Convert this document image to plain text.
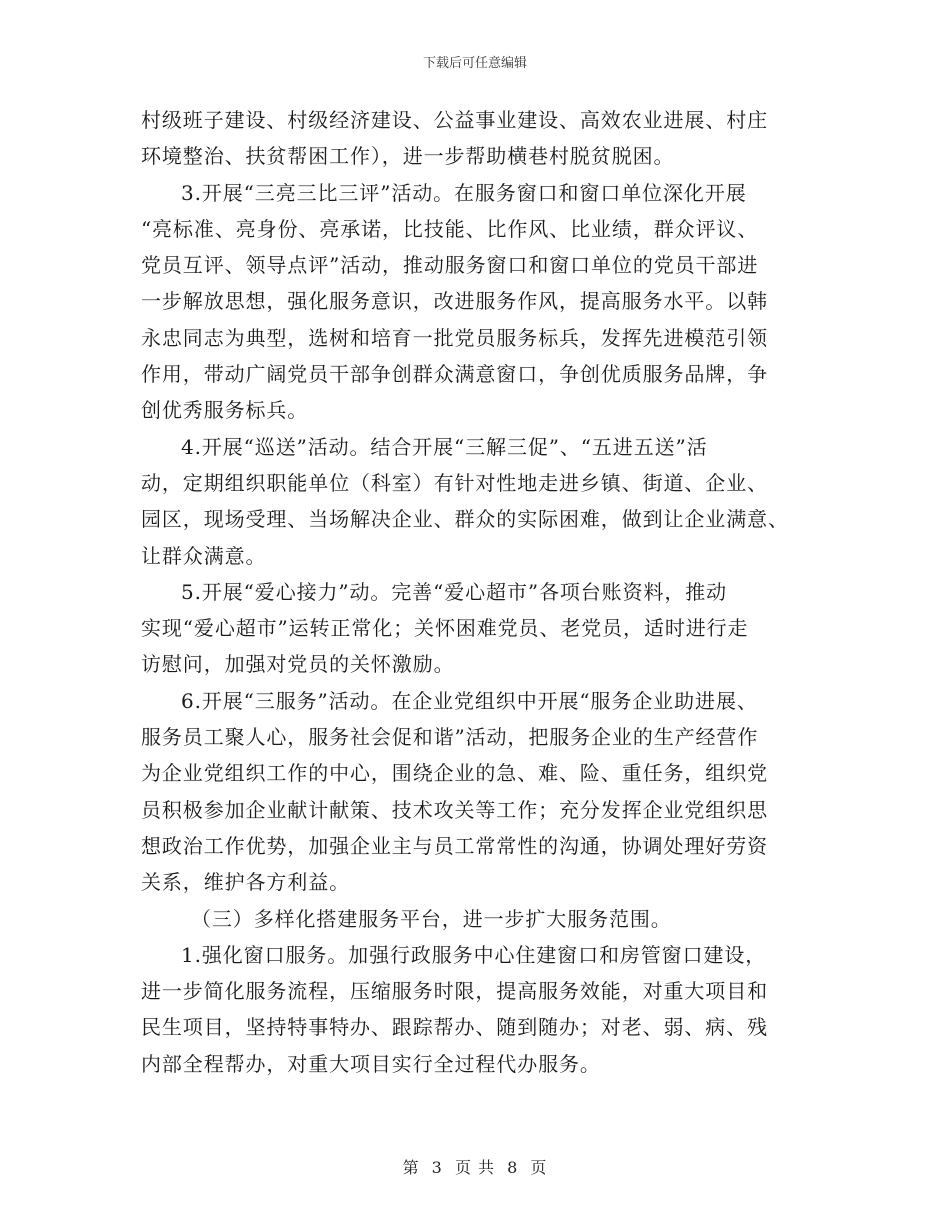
下载后可任意编辑
村级班子建设、村级经济建设、公益事业建设、高效农业进展、村庄
环境整治、扶贫帮困工作），进一步帮助横巷村脱贫脱困。
3.开展“三亮三比三评”活动。在服务窗口和窗口单位深化开展
“亮标准、亮身份、亮承诺，比技能、比作风、比业绩，群众评议、
党员互评、领导点评”活动，推动服务窗口和窗口单位的党员干部进
一步解放思想，强化服务意识，改进服务作风，提高服务水平。以韩
永忠同志为典型，选树和培育一批党员服务标兵，发挥先进模范引领
作用，带动广阔党员干部争创群众满意窗口，争创优质服务品牌，争
创优秀服务标兵。
4.开展“巡送”活动。结合开展“三解三促”、“五进五送”活
动，定期组织职能单位（科室）有针对性地走进乡镇、街道、企业、
园区，现场受理、当场解决企业、群众的实际困难，做到让企业满意、
让群众满意。
5.开展“爱心接力”动。完善“爱心超市”各项台账资料，推动
实现“爱心超市”运转正常化；关怀困难党员、老党员，适时进行走
访慰问，加强对党员的关怀激励。
6.开展“三服务”活动。在企业党组织中开展“服务企业助进展、
服务员工聚人心，服务社会促和谐”活动，把服务企业的生产经营作
为企业党组织工作的中心，围绕企业的急、难、险、重任务，组织党
员积极参加企业献计献策、技术攻关等工作；充分发挥企业党组织思
想政治工作优势，加强企业主与员工常常性的沟通，协调处理好劳资
关系，维护各方利益。
（三）多样化搭建服务平台，进一步扩大服务范围。
1.强化窗口服务。加强行政服务中心住建窗口和房管窗口建设，
进一步简化服务流程，压缩服务时限，提高服务效能，对重大项目和
民生项目，坚持特事特办、跟踪帮办、随到随办；对老、弱、病、残
内部全程帮办，对重大项目实行全过程代办服务。
第 3 页 共 8 页
